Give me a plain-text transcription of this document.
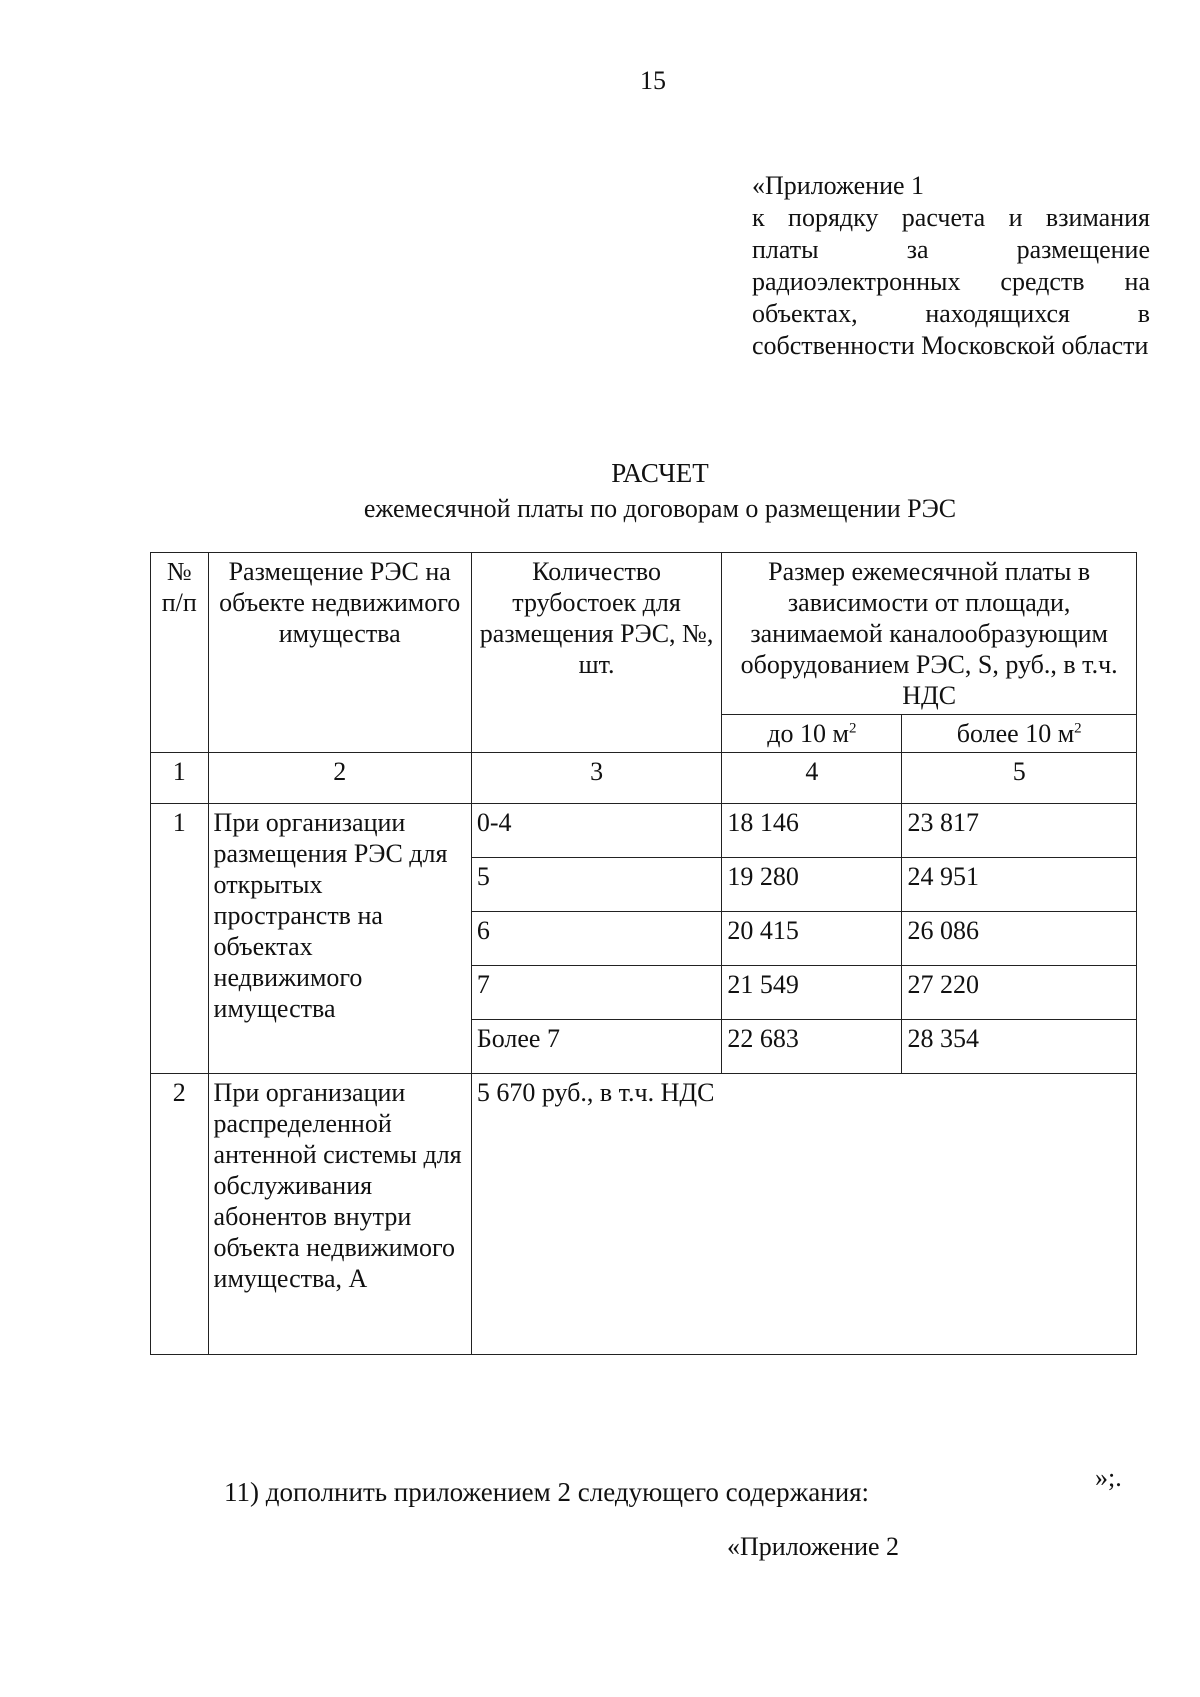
15
«Приложение 1
к порядку расчета и взимания платы за размещение радиоэлектронных средств на объектах, находящихся в собственности Московской области
РАСЧЕТ
ежемесячной платы по договорам о размещении РЭС
№ п/п	Размещение РЭС на объекте недвижимого имущества	Количество трубостоек для размещения РЭС, №, шт.	Размер ежемесячной платы в зависимости от площади, занимаемой каналообразующим оборудованием РЭС, S, руб., в т.ч. НДС	
			до 10 $м^2$	более 10 $м^2$
1	2	3	4	5
1	При организации размещения РЭС для открытых пространств на объектах недвижимого имущества	0-4	18 146	23 817
		5	19 280	24 951
		6	20 415	26 086
		7	21 549	27 220
		Более 7	22 683	28 354
2	При организации распределенной антенной системы для обслуживания абонентов внутри объекта недвижимого имущества, А	5 670 руб., в т.ч. НДС		
»;.
11) дополнить приложением 2 следующего содержания:
«Приложение 2
